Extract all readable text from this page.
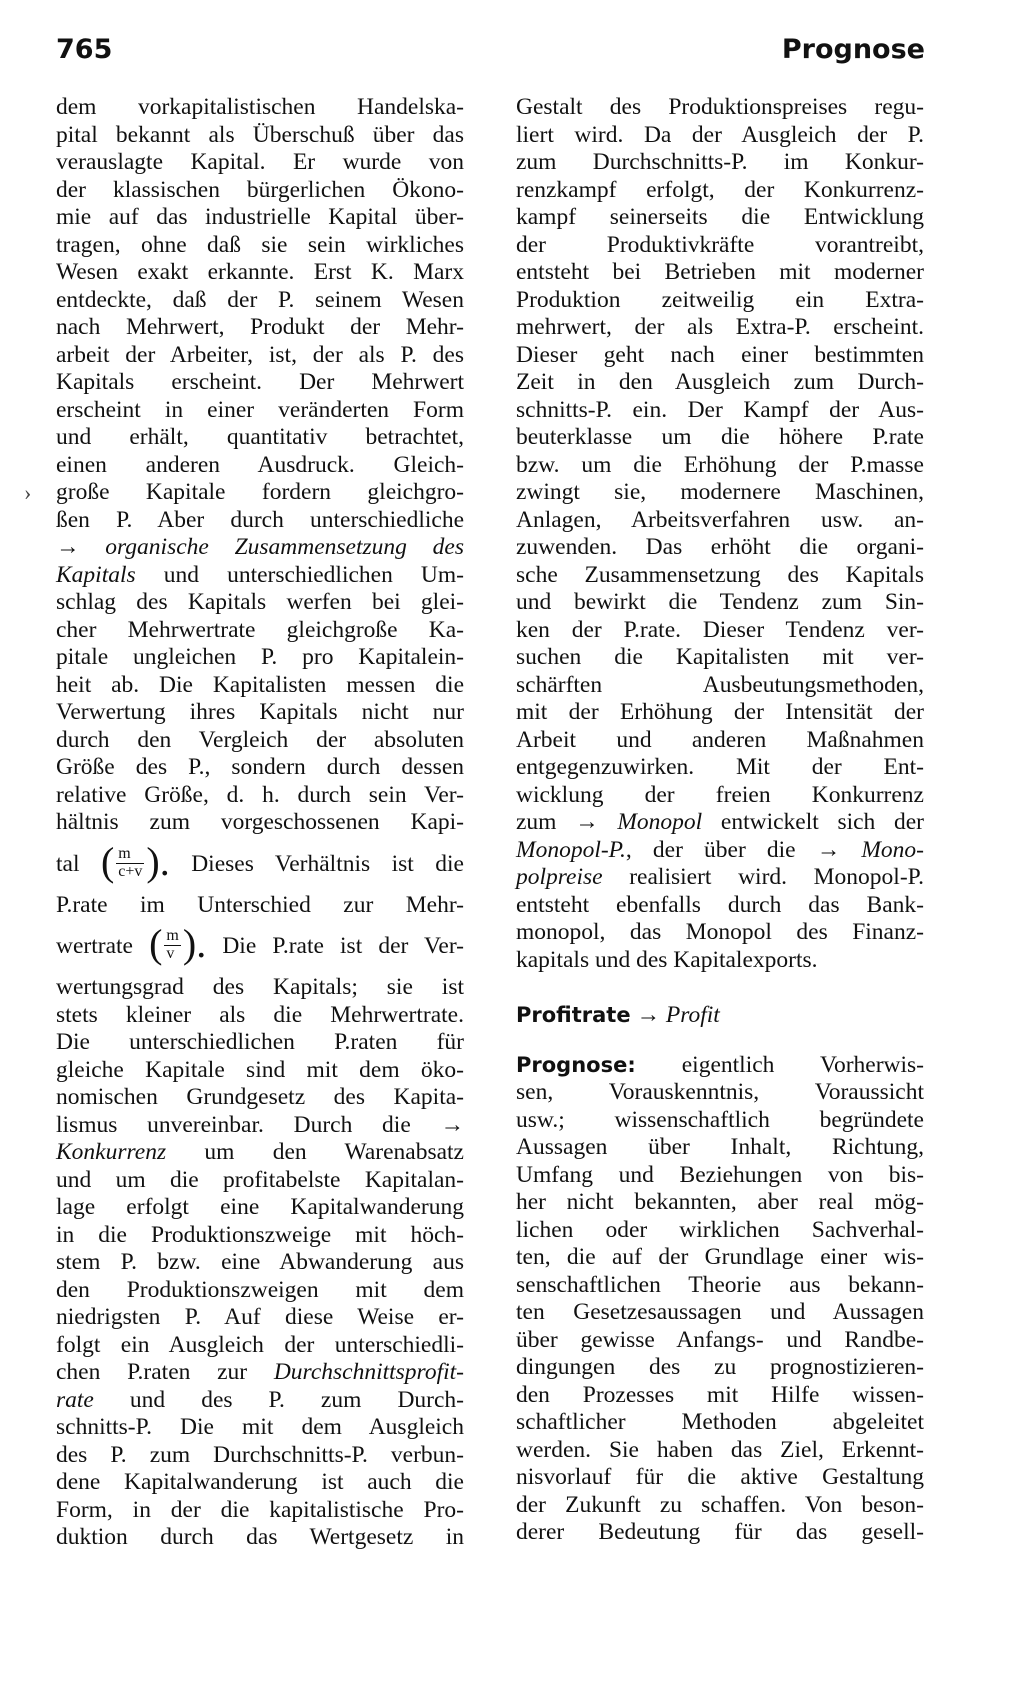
765	Prognose
›
dem vorkapitalistischen Handelska-
pital bekannt als Überschuß über das
verauslagte Kapital. Er wurde von
der klassischen bürgerlichen Ökono-
mie auf das industrielle Kapital über-
tragen, ohne daß sie sein wirkliches
Wesen exakt erkannte. Erst K. Marx
entdeckte, daß der P. seinem Wesen
nach Mehrwert, Produkt der Mehr-
arbeit der Arbeiter, ist, der als P. des
Kapitals erscheint. Der Mehrwert
erscheint in einer veränderten Form
und erhält, quantitativ betrachtet,
einen anderen Ausdruck. Gleich-
große Kapitale fordern gleichgro-
ßen P. Aber durch unterschiedliche
→ organische Zusammensetzung des
Kapitals und unterschiedlichen Um-
schlag des Kapitals werfen bei glei-
cher Mehrwertrate gleichgroße Ka-
pitale ungleichen P. pro Kapitalein-
heit ab. Die Kapitalisten messen die
Verwertung ihres Kapitals nicht nur
durch den Vergleich der absoluten
Größe des P., sondern durch dessen
relative Größe, d. h. durch sein Ver-
hältnis zum vorgeschossenen Kapi-
tal ( $\frac{m}{c+v}$ ). Dieses Verhältnis ist die
P.rate im Unterschied zur Mehr-
wertrate ( $\frac{m}{v}$ ). Die P.rate ist der Ver-
wertungsgrad des Kapitals; sie ist
stets kleiner als die Mehrwertrate.
Die unterschiedlichen P.raten für
gleiche Kapitale sind mit dem öko-
nomischen Grundgesetz des Kapita-
lismus unvereinbar. Durch die →
Konkurrenz um den Warenabsatz
und um die profitabelste Kapitalan-
lage erfolgt eine Kapitalwanderung
in die Produktionszweige mit höch-
stem P. bzw. eine Abwanderung aus
den Produktionszweigen mit dem
niedrigsten P. Auf diese Weise er-
folgt ein Ausgleich der unterschiedli-
chen P.raten zur Durchschnittsprofit-
rate und des P. zum Durch-
schnitts-P. Die mit dem Ausgleich
des P. zum Durchschnitts-P. verbun-
dene Kapitalwanderung ist auch die
Form, in der die kapitalistische Pro-
duktion durch das Wertgesetz in
Gestalt des Produktionspreises regu-
liert wird. Da der Ausgleich der P.
zum Durchschnitts-P. im Konkur-
renzkampf erfolgt, der Konkurrenz-
kampf seinerseits die Entwicklung
der Produktivkräfte vorantreibt,
entsteht bei Betrieben mit moderner
Produktion zeitweilig ein Extra-
mehrwert, der als Extra-P. erscheint.
Dieser geht nach einer bestimmten
Zeit in den Ausgleich zum Durch-
schnitts-P. ein. Der Kampf der Aus-
beuterklasse um die höhere P.rate
bzw. um die Erhöhung der P.masse
zwingt sie, modernere Maschinen,
Anlagen, Arbeitsverfahren usw. an-
zuwenden. Das erhöht die organi-
sche Zusammensetzung des Kapitals
und bewirkt die Tendenz zum Sin-
ken der P.rate. Dieser Tendenz ver-
suchen die Kapitalisten mit ver-
schärften Ausbeutungsmethoden,
mit der Erhöhung der Intensität der
Arbeit und anderen Maßnahmen
entgegenzuwirken. Mit der Ent-
wicklung der freien Konkurrenz
zum → Monopol entwickelt sich der
Monopol-P., der über die → Mono-
polpreise realisiert wird. Monopol-P.
entsteht ebenfalls durch das Bank-
monopol, das Monopol des Finanz-
kapitals und des Kapitalexports.
Profitrate → Profit
Prognose: eigentlich Vorherwis-
sen, Vorauskenntnis, Voraussicht
usw.; wissenschaftlich begründete
Aussagen über Inhalt, Richtung,
Umfang und Beziehungen von bis-
her nicht bekannten, aber real mög-
lichen oder wirklichen Sachverhal-
ten, die auf der Grundlage einer wis-
senschaftlichen Theorie aus bekann-
ten Gesetzesaussagen und Aussagen
über gewisse Anfangs- und Randbe-
dingungen des zu prognostizieren-
den Prozesses mit Hilfe wissen-
schaftlicher Methoden abgeleitet
werden. Sie haben das Ziel, Erkennt-
nisvorlauf für die aktive Gestaltung
der Zukunft zu schaffen. Von beson-
derer Bedeutung für das gesell-
